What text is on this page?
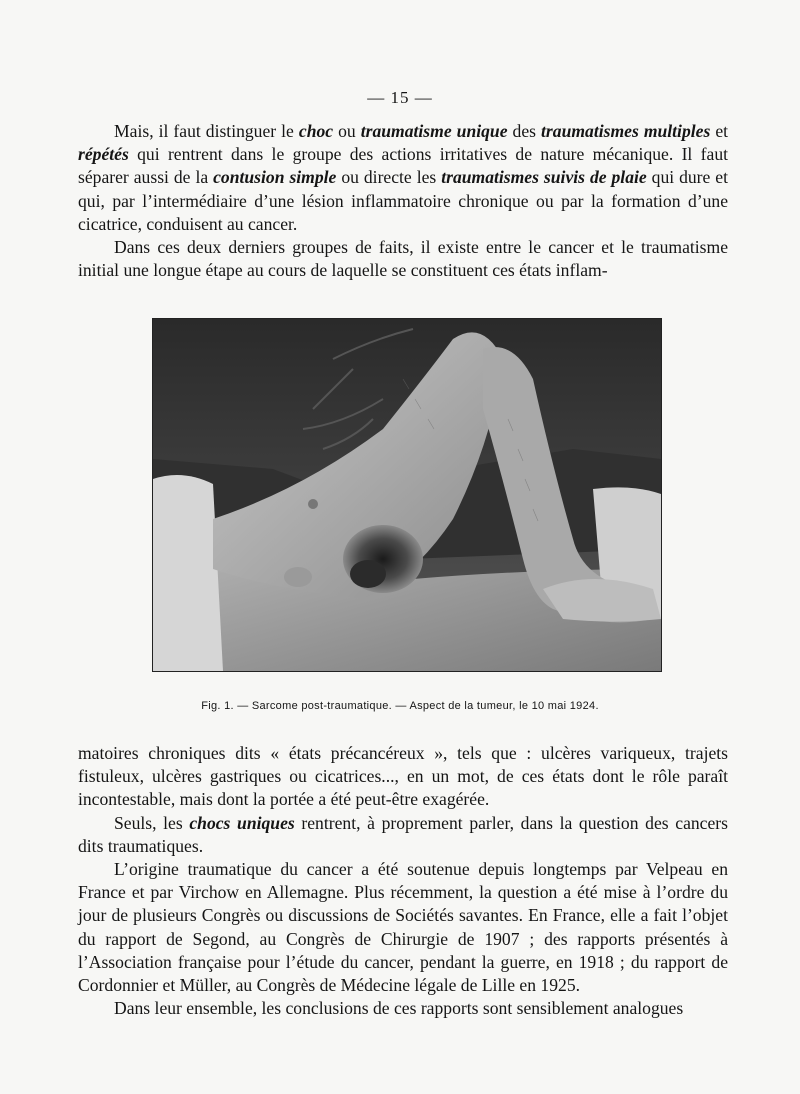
— 15 —

Mais, il faut distinguer le choc ou traumatisme unique des traumatismes multiples et répétés qui rentrent dans le groupe des actions irritatives de nature mécanique. Il faut séparer aussi de la contusion simple ou directe les traumatismes suivis de plaie qui dure et qui, par l’intermédiaire d’une lésion inflammatoire chronique ou par la formation d’une cicatrice, conduisent au cancer.

Dans ces deux derniers groupes de faits, il existe entre le cancer et le traumatisme initial une longue étape au cours de laquelle se constituent ces états inflam-

Fig. 1. — Sarcome post-traumatique. — Aspect de la tumeur, le 10 mai 1924.

matoires chroniques dits « états précancéreux », tels que : ulcères variqueux, trajets fistuleux, ulcères gastriques ou cicatrices..., en un mot, de ces états dont le rôle paraît incontestable, mais dont la portée a été peut-être exagérée.

Seuls, les chocs uniques rentrent, à proprement parler, dans la question des cancers dits traumatiques.

L’origine traumatique du cancer a été soutenue depuis longtemps par Velpeau en France et par Virchow en Allemagne. Plus récemment, la question a été mise à l’ordre du jour de plusieurs Congrès ou discussions de Sociétés savantes. En France, elle a fait l’objet du rapport de Segond, au Congrès de Chirurgie de 1907 ; des rapports présentés à l’Association française pour l’étude du cancer, pendant la guerre, en 1918 ; du rapport de Cordonnier et Müller, au Congrès de Médecine légale de Lille en 1925.

Dans leur ensemble, les conclusions de ces rapports sont sensiblement analogues
